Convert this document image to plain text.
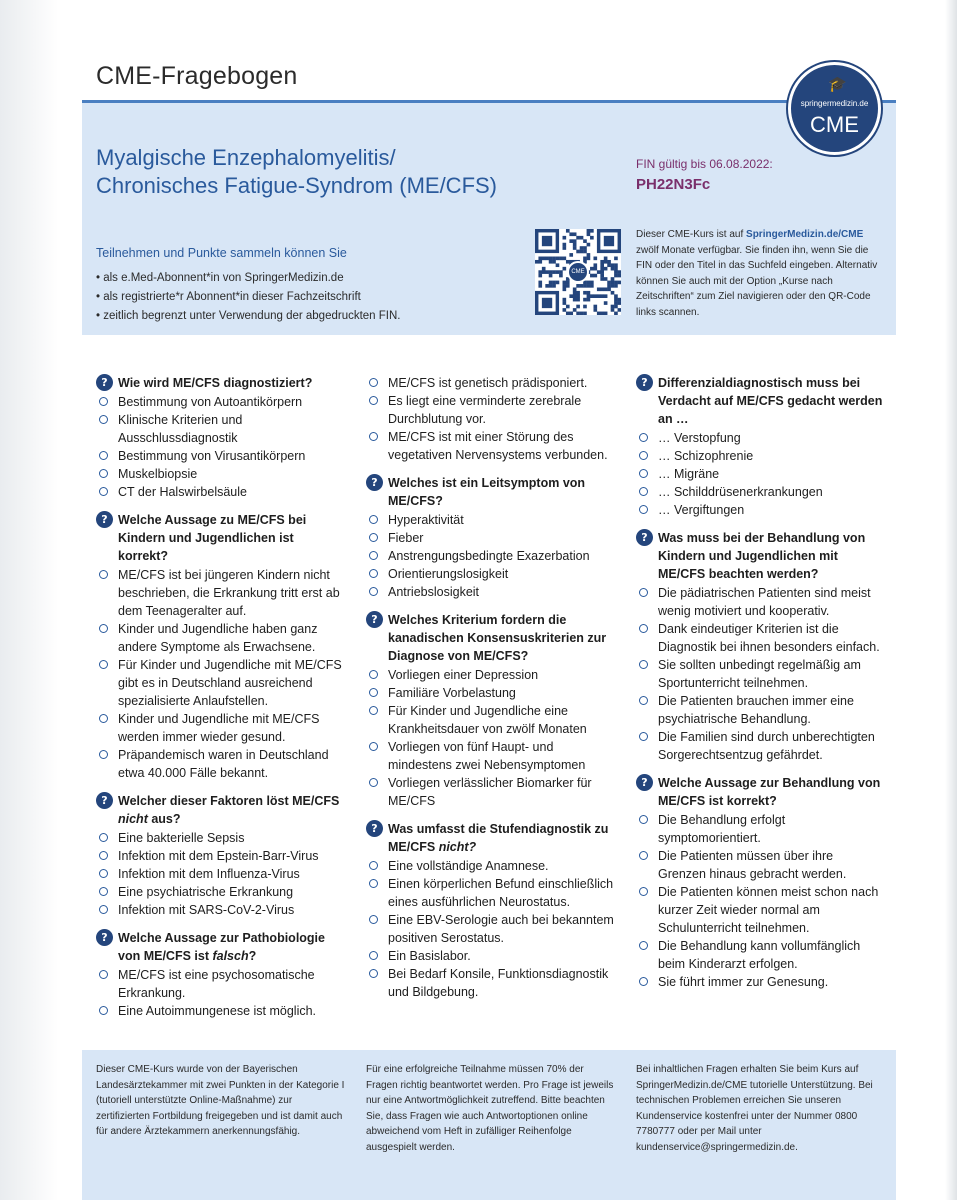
CME-Fragebogen	🎓
springermedizin.de
CME
Myalgische Enzephalomyelitis/
Chronisches Fatigue-Syndrom (ME/CFS)
FIN gültig bis 06.08.2022:
PH22N3Fc
Teilnehmen und Punkte sammeln können Sie
• als e.Med-Abonnent*in von SpringerMedizin.de
• als registrierte*r Abonnent*in dieser Fachzeitschrift
• zeitlich begrenzt unter Verwendung der abgedruckten FIN.
CME
Dieser CME-Kurs ist auf SpringerMedizin.de/CME zwölf Monate verfügbar. Sie finden ihn, wenn Sie die FIN oder den Titel in das Suchfeld eingeben. Alternativ können Sie auch mit der Option „Kurse nach Zeitschriften“ zum Ziel navigieren oder den QR-Code links scannen.
? Wie wird ME/CFS diagnostiziert?
Bestimmung von Autoantikörpern
Klinische Kriterien und Ausschlussdiagnostik
Bestimmung von Virusantikörpern
Muskelbiopsie
CT der Halswirbelsäule
? Welche Aussage zu ME/CFS bei Kindern und Jugendlichen ist korrekt?
ME/CFS ist bei jüngeren Kindern nicht beschrieben, die Erkrankung tritt erst ab dem Teenageralter auf.
Kinder und Jugendliche haben ganz andere Symptome als Erwachsene.
Für Kinder und Jugendliche mit ME/CFS gibt es in Deutschland ausreichend spezialisierte Anlaufstellen.
Kinder und Jugendliche mit ME/CFS werden immer wieder gesund.
Präpandemisch waren in Deutschland etwa 40.000 Fälle bekannt.
? Welcher dieser Faktoren löst ME/CFS nicht aus?
Eine bakterielle Sepsis
Infektion mit dem Epstein-Barr-Virus
Infektion mit dem Influenza-Virus
Eine psychiatrische Erkrankung
Infektion mit SARS-CoV-2-Virus
? Welche Aussage zur Pathobiologie von ME/CFS ist falsch?
ME/CFS ist eine psychosomatische Erkrankung.
Eine Autoimmungenese ist möglich.
ME/CFS ist genetisch prädisponiert.
Es liegt eine verminderte zerebrale Durchblutung vor.
ME/CFS ist mit einer Störung des vegetativen Nervensystems verbunden.
? Welches ist ein Leitsymptom von ME/CFS?
Hyperaktivität
Fieber
Anstrengungsbedingte Exazerbation
Orientierungslosigkeit
Antriebslosigkeit
? Welches Kriterium fordern die kanadischen Konsensuskriterien zur Diagnose von ME/CFS?
Vorliegen einer Depression
Familiäre Vorbelastung
Für Kinder und Jugendliche eine Krankheitsdauer von zwölf Monaten
Vorliegen von fünf Haupt- und mindestens zwei Nebensymptomen
Vorliegen verlässlicher Biomarker für ME/CFS
? Was umfasst die Stufendiagnostik zu ME/CFS nicht?
Eine vollständige Anamnese.
Einen körperlichen Befund einschließlich eines ausführlichen Neurostatus.
Eine EBV-Serologie auch bei bekanntem positiven Serostatus.
Ein Basislabor.
Bei Bedarf Konsile, Funktionsdiagnostik und Bildgebung.
? Differenzialdiagnostisch muss bei Verdacht auf ME/CFS gedacht werden an …
… Verstopfung
… Schizophrenie
… Migräne
… Schilddrüsenerkrankungen
… Vergiftungen
? Was muss bei der Behandlung von Kindern und Jugendlichen mit ME/CFS beachten werden?
Die pädiatrischen Patienten sind meist wenig motiviert und kooperativ.
Dank eindeutiger Kriterien ist die Diagnostik bei ihnen besonders einfach.
Sie sollten unbedingt regelmäßig am Sportunterricht teilnehmen.
Die Patienten brauchen immer eine psychiatrische Behandlung.
Die Familien sind durch unberechtigten Sorgerechtsentzug gefährdet.
? Welche Aussage zur Behandlung von ME/CFS ist korrekt?
Die Behandlung erfolgt symptomorientiert.
Die Patienten müssen über ihre Grenzen hinaus gebracht werden.
Die Patienten können meist schon nach kurzer Zeit wieder normal am Schulunterricht teilnehmen.
Die Behandlung kann vollumfänglich beim Kinderarzt erfolgen.
Sie führt immer zur Genesung.
Dieser CME-Kurs wurde von der Bayerischen Landesärztekammer mit zwei Punkten in der Kategorie I (tutoriell unterstützte Online-Maßnahme) zur zertifizierten Fortbildung freigegeben und ist damit auch für andere Ärztekammern anerkennungsfähig.
Für eine erfolgreiche Teilnahme müssen 70% der Fragen richtig beantwortet werden. Pro Frage ist jeweils nur eine Antwortmöglichkeit zutreffend. Bitte beachten Sie, dass Fragen wie auch Antwortoptionen online abweichend vom Heft in zufälliger Reihenfolge ausgespielt werden.
Bei inhaltlichen Fragen erhalten Sie beim Kurs auf SpringerMedizin.de/CME tutorielle Unterstützung. Bei technischen Problemen erreichen Sie unseren Kundenservice kostenfrei unter der Nummer 0800 7780777 oder per Mail unter kundenservice@springermedizin.de.
